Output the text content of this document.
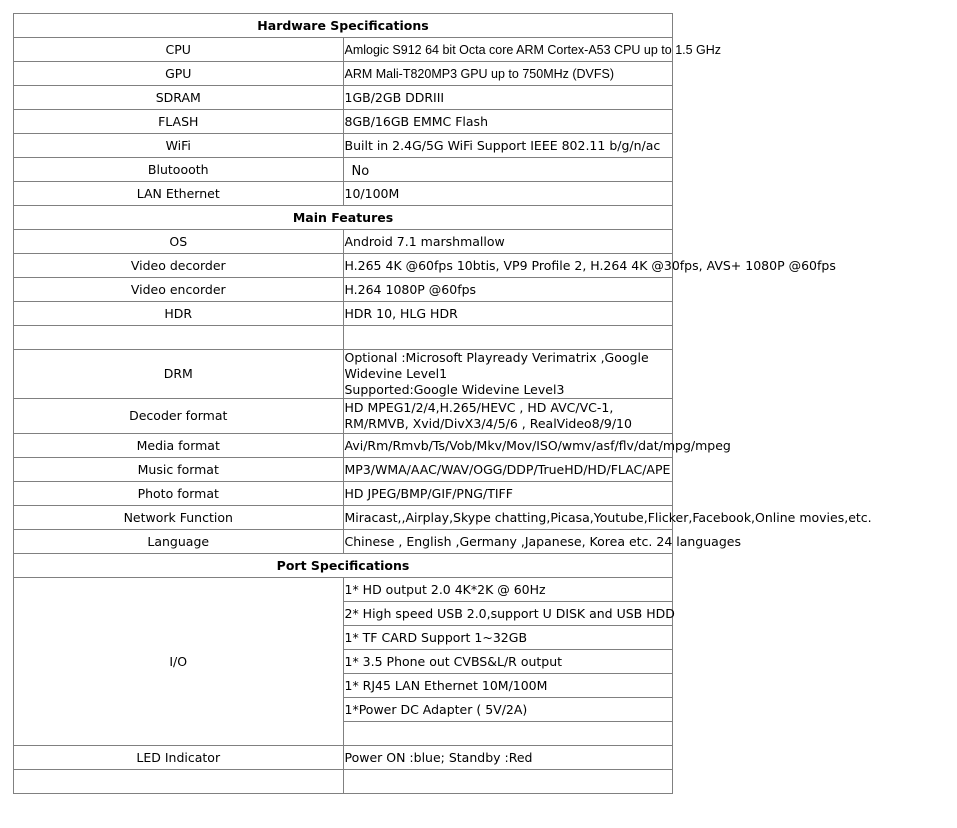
Hardware Specifications	
CPU	Amlogic S912 64 bit Octa core ARM Cortex-A53 CPU up to 1.5 GHz
GPU	ARM Mali-T820MP3 GPU up to 750MHz (DVFS)
SDRAM	1GB/2GB DDRIII
FLASH	8GB/16GB EMMC Flash
WiFi	Built in 2.4G/5G WiFi Support IEEE 802.11 b/g/n/ac
Blutoooth	No
LAN Ethernet	10/100M
Main Features	
OS	Android 7.1 marshmallow
Video decorder	H.265 4K @60fps 10btis, VP9 Profile 2, H.264 4K @30fps, AVS+ 1080P @60fps
Video encorder	H.264 1080P @60fps
HDR	HDR 10, HLG HDR

DRM	Optional :Microsoft Playready Verimatrix ,Google Widevine Level1
Supported:Google Widevine Level3

Decoder format	HD MPEG1/2/4,H.265/HEVC , HD AVC/VC-1, RM/RMVB, Xvid/DivX3/4/5/6 , RealVideo8/9/10
Media format	Avi/Rm/Rmvb/Ts/Vob/Mkv/Mov/ISO/wmv/asf/flv/dat/mpg/mpeg
Music format	MP3/WMA/AAC/WAV/OGG/DDP/TrueHD/HD/FLAC/APE
Photo format	HD JPEG/BMP/GIF/PNG/TIFF
Network Function	Miracast,,Airplay,Skype chatting,Picasa,Youtube,Flicker,Facebook,Online movies,etc.
Language	Chinese , English ,Germany ,Japanese, Korea etc. 24 languages
Port Specifications	
I/O	1* HD output 2.0 4K*2K @ 60Hz
	2* High speed USB 2.0,support U DISK and USB HDD
	1* TF CARD Support 1~32GB
	1* 3.5 Phone out CVBS&L/R output
	1* RJ45 LAN Ethernet 10M/100M
	1*Power DC Adapter ( 5V/2A)

LED Indicator	Power ON :blue; Standby :Red
